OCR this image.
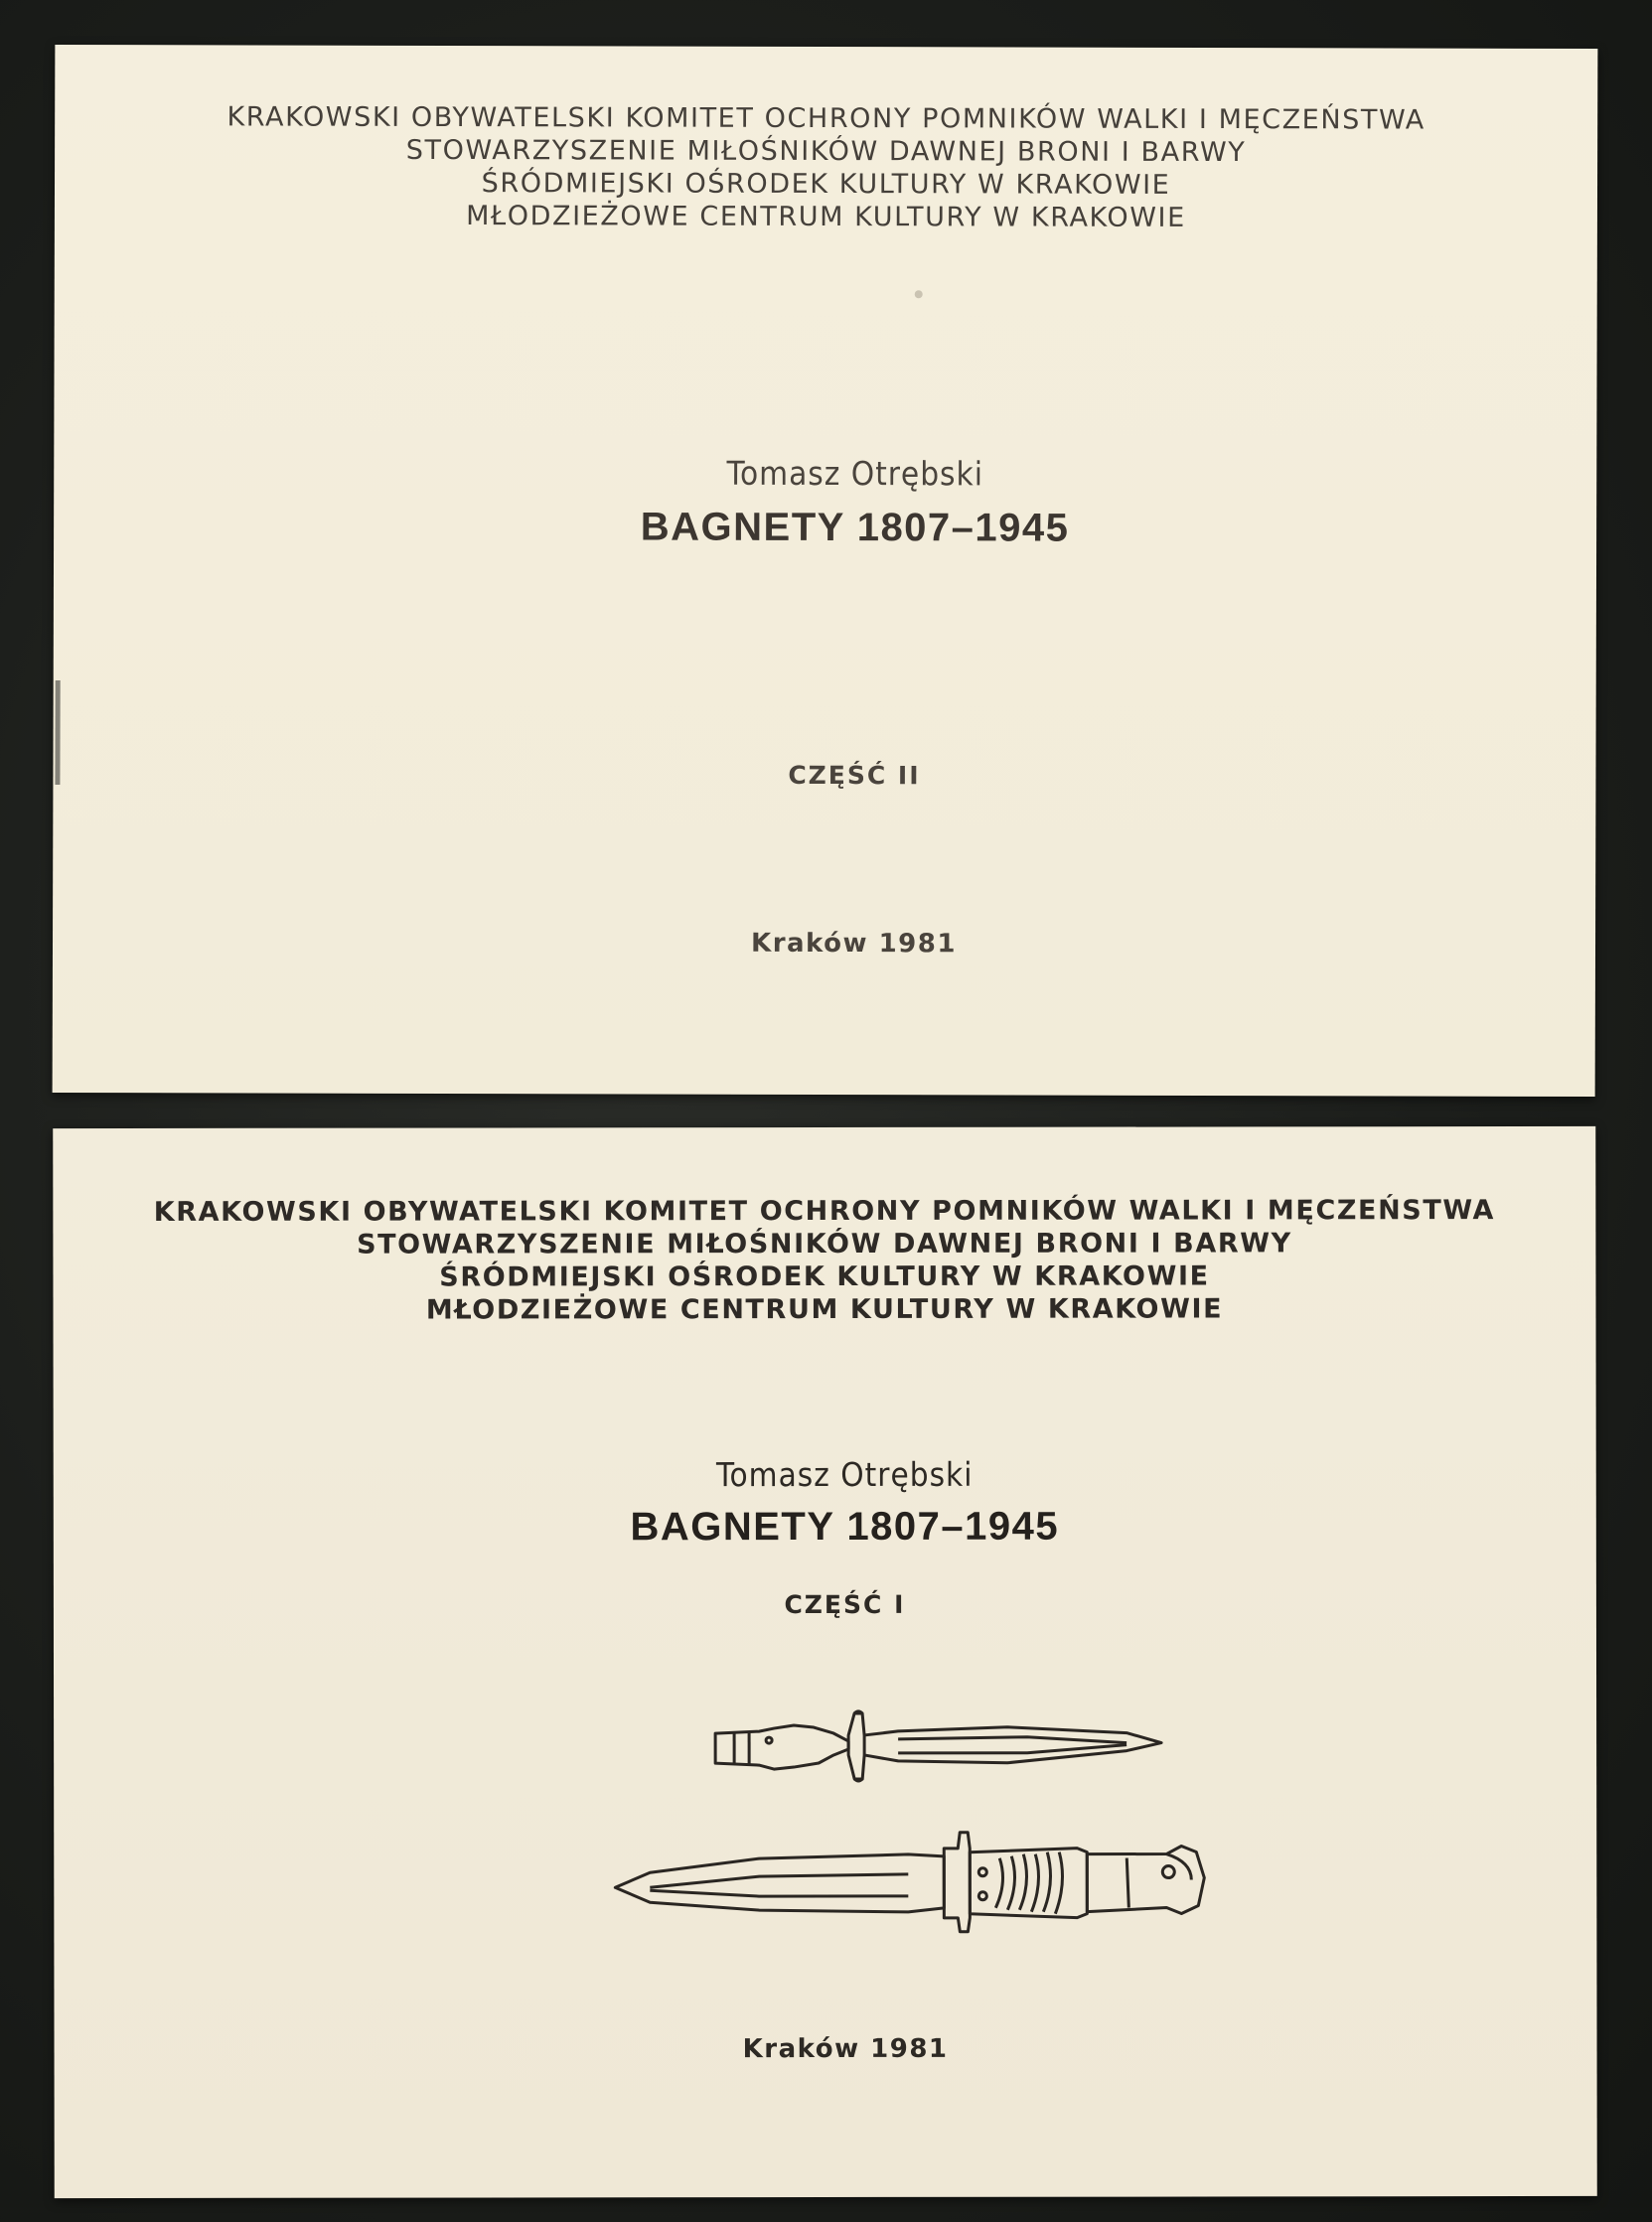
KRAKOWSKI OBYWATELSKI KOMITET OCHRONY POMNIKÓW WALKI I MĘCZEŃSTWA
STOWARZYSZENIE MIŁOŚNIKÓW DAWNEJ BRONI I BARWY
ŚRÓDMIEJSKI OŚRODEK KULTURY W KRAKOWIE
MŁODZIEŻOWE CENTRUM KULTURY W KRAKOWIE
Tomasz Otrębski
BAGNETY 1807–1945
CZĘŚĆ II
Kraków 1981
KRAKOWSKI OBYWATELSKI KOMITET OCHRONY POMNIKÓW WALKI I MĘCZEŃSTWA
STOWARZYSZENIE MIŁOŚNIKÓW DAWNEJ BRONI I BARWY
ŚRÓDMIEJSKI OŚRODEK KULTURY W KRAKOWIE
MŁODZIEŻOWE CENTRUM KULTURY W KRAKOWIE
Tomasz Otrębski
BAGNETY 1807–1945
CZĘŚĆ I
Kraków 1981
